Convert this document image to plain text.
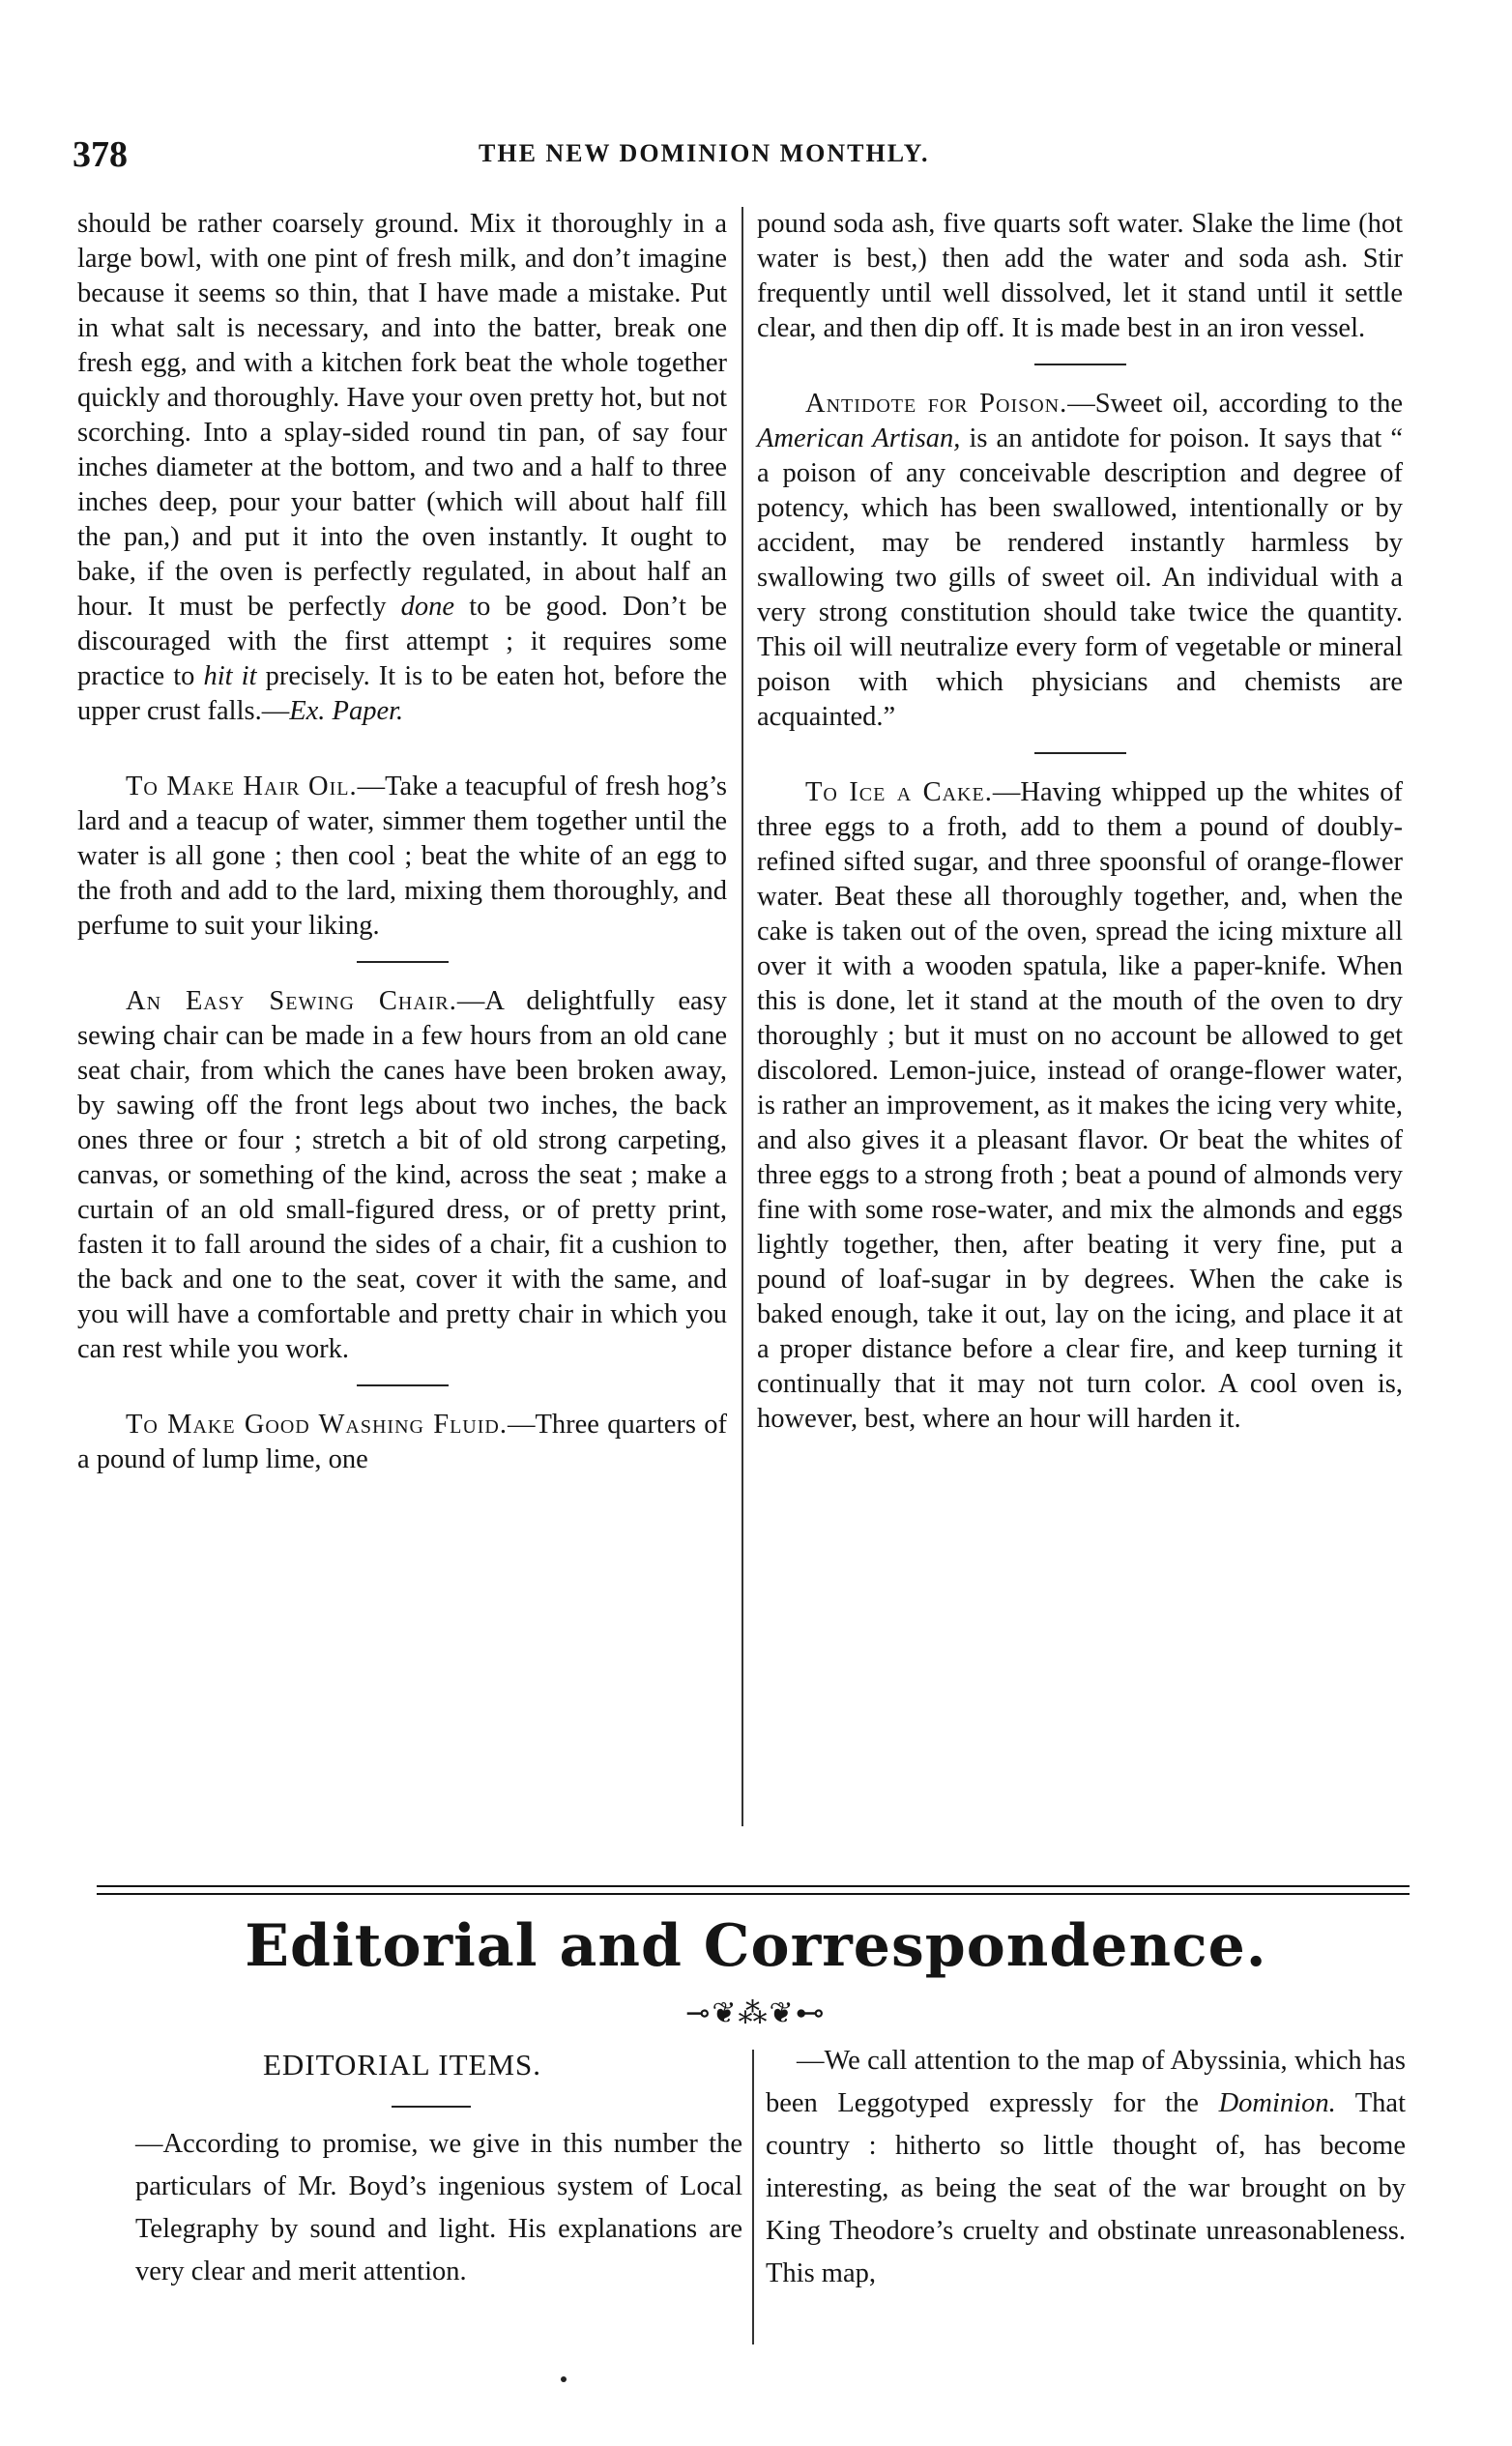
378	THE NEW DOMINION MONTHLY.

should be rather coarsely ground. Mix it thoroughly in a large bowl, with one pint of fresh milk, and don’t imagine because it seems so thin, that I have made a mistake. Put in what salt is necessary, and into the batter, break one fresh egg, and with a kitchen fork beat the whole together quickly and thoroughly. Have your oven pretty hot, but not scorching. Into a splay-sided round tin pan, of say four inches diameter at the bottom, and two and a half to three inches deep, pour your batter (which will about half fill the pan,) and put it into the oven instantly. It ought to bake, if the oven is perfectly regulated, in about half an hour. It must be perfectly done to be good. Don’t be discouraged with the first attempt ; it requires some practice to hit it precisely. It is to be eaten hot, before the upper crust falls.—Ex. Paper.

To Make Hair Oil.—Take a teacupful of fresh hog’s lard and a teacup of water, simmer them together until the water is all gone ; then cool ; beat the white of an egg to the froth and add to the lard, mixing them thoroughly, and perfume to suit your liking.

An Easy Sewing Chair.—A delightfully easy sewing chair can be made in a few hours from an old cane seat chair, from which the canes have been broken away, by sawing off the front legs about two inches, the back ones three or four ; stretch a bit of old strong carpeting, canvas, or something of the kind, across the seat ; make a curtain of an old small-figured dress, or of pretty print, fasten it to fall around the sides of a chair, fit a cushion to the back and one to the seat, cover it with the same, and you will have a comfortable and pretty chair in which you can rest while you work.

To Make Good Washing Fluid.—Three quarters of a pound of lump lime, one

pound soda ash, five quarts soft water. Slake the lime (hot water is best,) then add the water and soda ash. Stir frequently until well dissolved, let it stand until it settle clear, and then dip off. It is made best in an iron vessel.

Antidote for Poison.—Sweet oil, according to the American Artisan, is an antidote for poison. It says that “ a poison of any conceivable description and degree of potency, which has been swallowed, intentionally or by accident, may be rendered instantly harmless by swallowing two gills of sweet oil. An individual with a very strong constitution should take twice the quantity. This oil will neutralize every form of vegetable or mineral poison with which physicians and chemists are acquainted.”

To Ice a Cake.—Having whipped up the whites of three eggs to a froth, add to them a pound of doubly-refined sifted sugar, and three spoonsful of orange-flower water. Beat these all thoroughly together, and, when the cake is taken out of the oven, spread the icing mixture all over it with a wooden spatula, like a paper-knife. When this is done, let it stand at the mouth of the oven to dry thoroughly ; but it must on no account be allowed to get discolored. Lemon-juice, instead of orange-flower water, is rather an improvement, as it makes the icing very white, and also gives it a pleasant flavor. Or beat the whites of three eggs to a strong froth ; beat a pound of almonds very fine with some rose-water, and mix the almonds and eggs lightly together, then, after beating it very fine, put a pound of loaf-sugar in by degrees. When the cake is baked enough, take it out, lay on the icing, and place it at a proper distance before a clear fire, and keep turning it continually that it may not turn color. A cool oven is, however, best, where an hour will harden it.

Editorial and Correspondence.
⊸❦⁂❦⊷
EDITORIAL ITEMS.

—According to promise, we give in this number the particulars of Mr. Boyd’s ingenious system of Local Telegraphy by sound and light. His explanations are very clear and merit attention.

—We call attention to the map of Abyssinia, which has been Leggotyped expressly for the Dominion. That country : hitherto so little thought of, has become interesting, as being the seat of the war brought on by King Theodore’s cruelty and obstinate unreasonableness. This map,
